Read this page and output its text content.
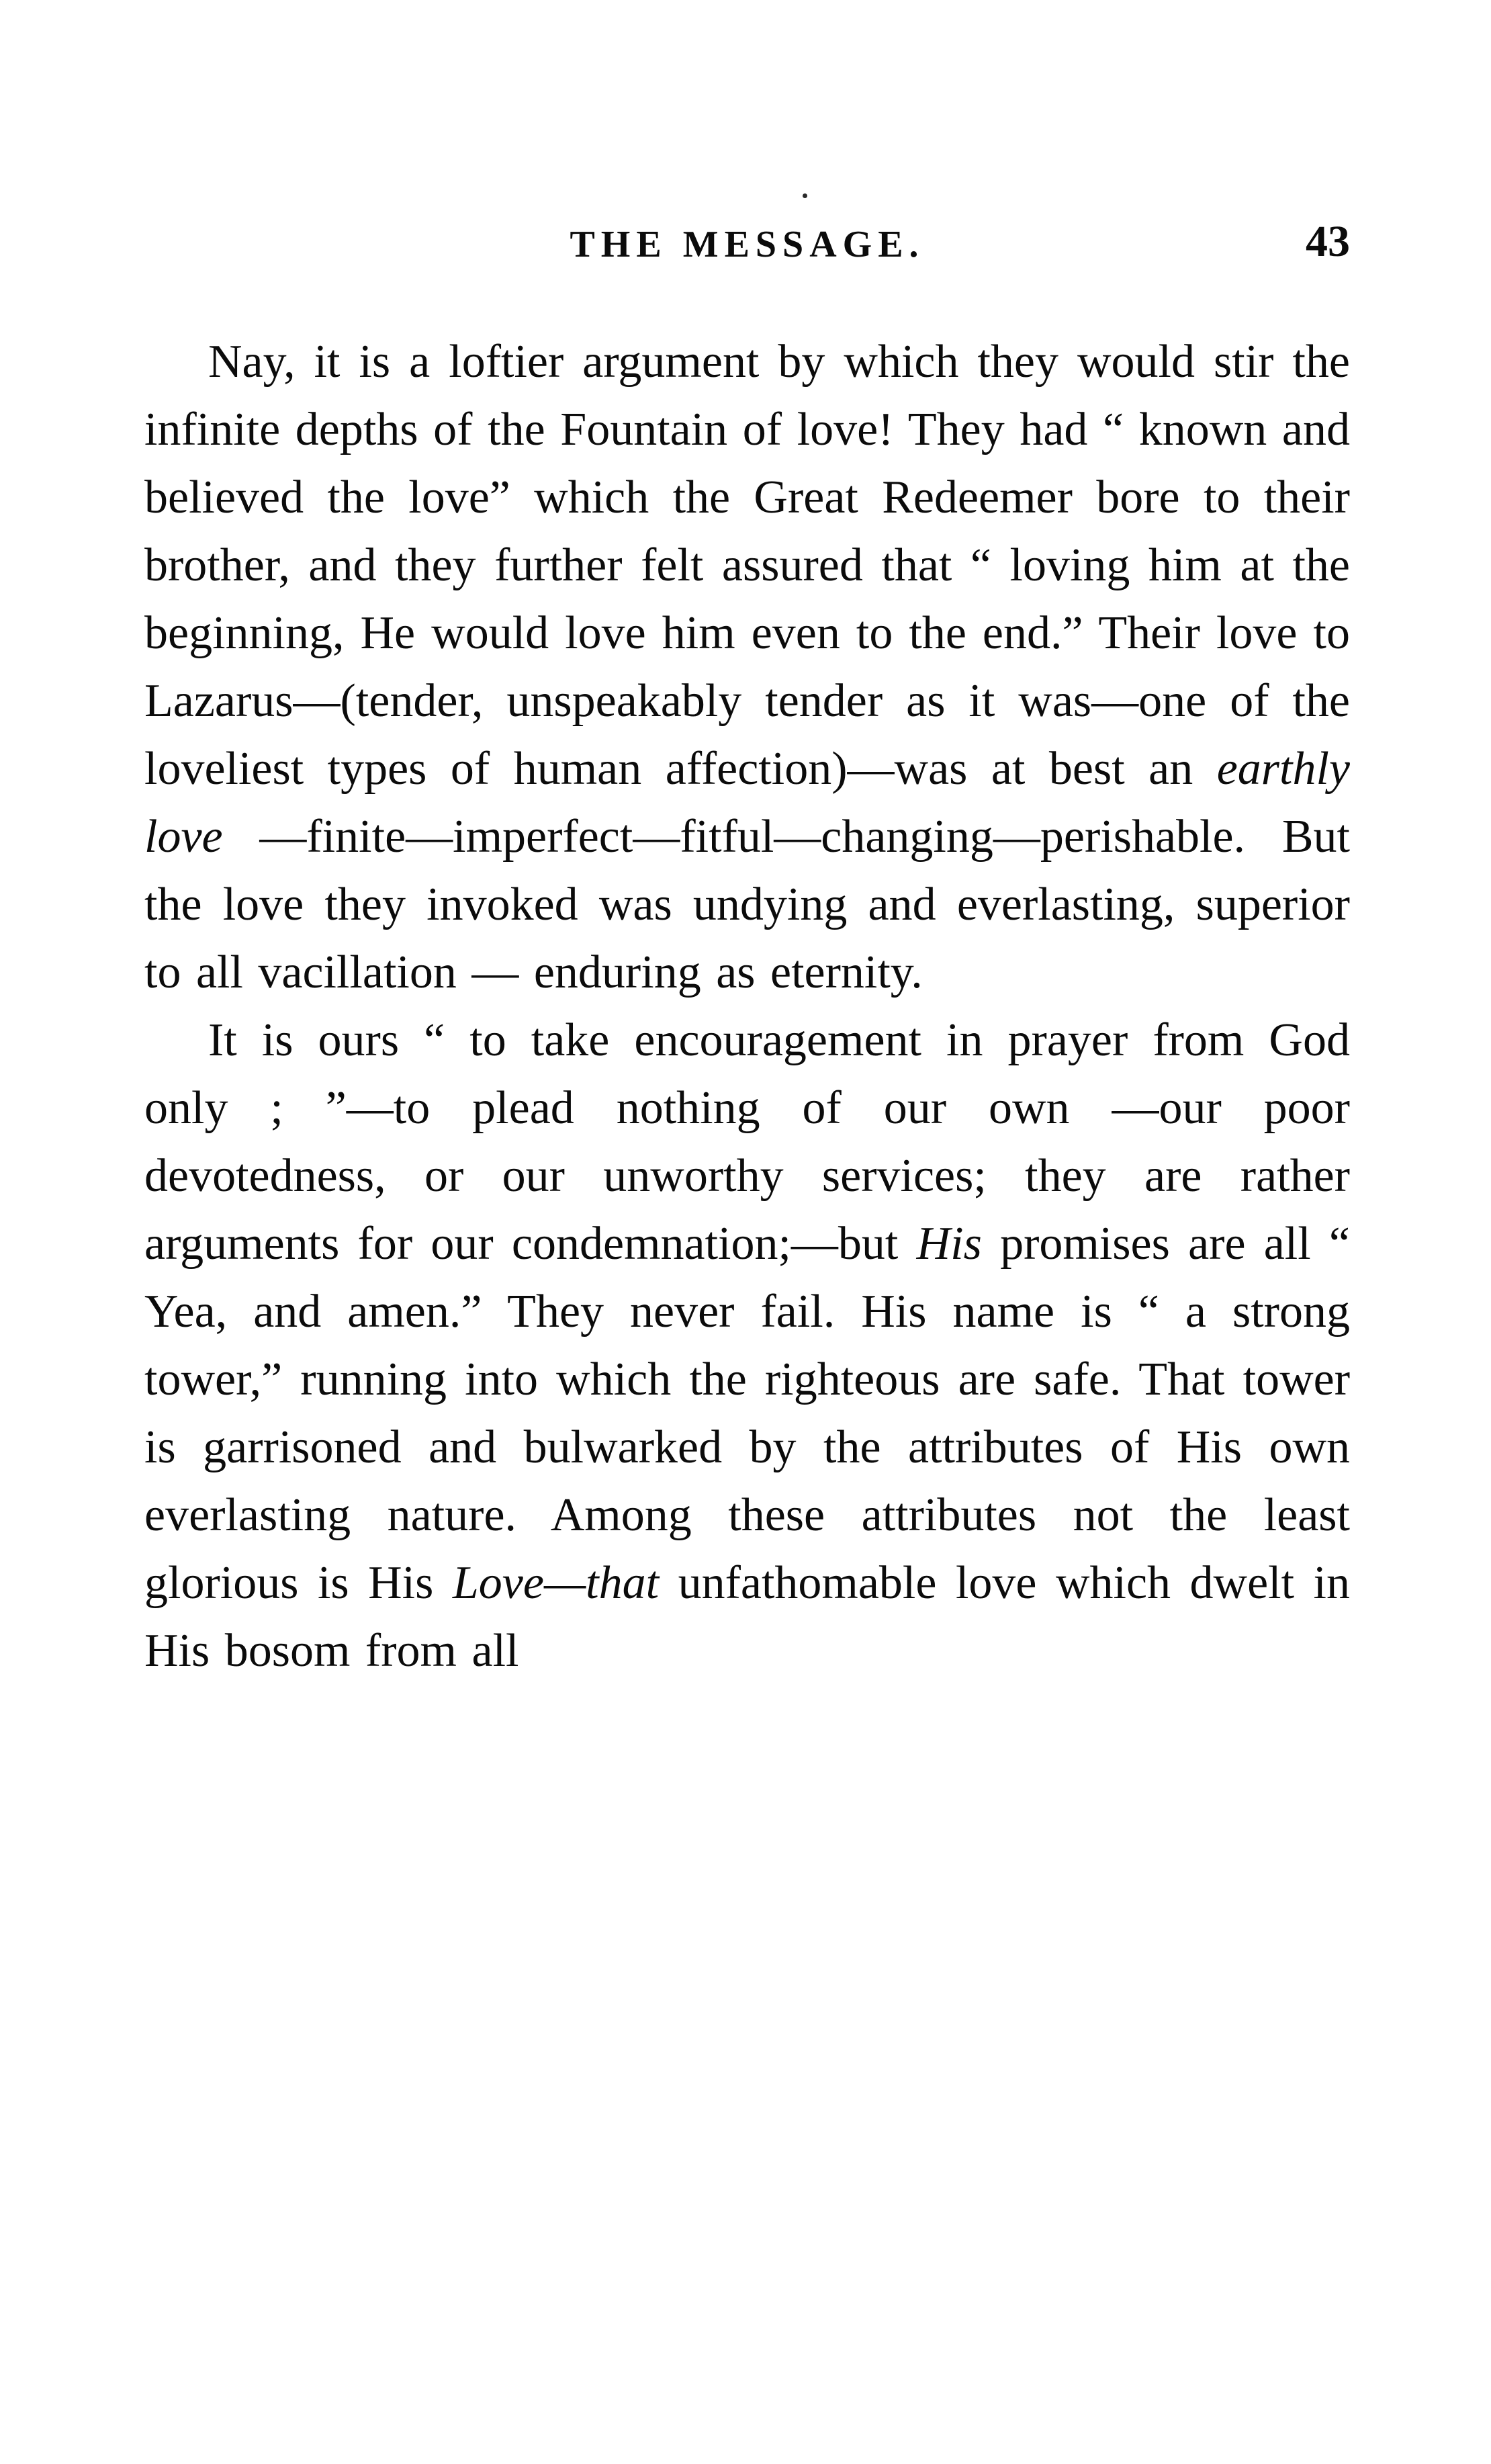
THE MESSAGE.	43

Nay, it is a loftier argument by which they would stir the infinite depths of the Fountain of love! They had “ known and believed the love” which the Great Redeemer bore to their brother, and they further felt assured that “ loving him at the beginning, He would love him even to the end.” Their love to Lazarus—(tender, unspeakably tender as it was—one of the loveliest types of human affection)—was at best an earthly love —finite—imperfect—fitful—changing—perishable. But the love they invoked was undying and everlasting, superior to all vacillation — enduring as eternity.

It is ours “ to take encouragement in prayer from God only ; ”—to plead nothing of our own —our poor devotedness, or our unworthy services; they are rather arguments for our condemnation;—but His promises are all “ Yea, and amen.” They never fail. His name is “ a strong tower,” running into which the righteous are safe. That tower is garrisoned and bulwarked by the attributes of His own everlasting nature. Among these attributes not the least glorious is His Love—that unfathomable love which dwelt in His bosom from all
